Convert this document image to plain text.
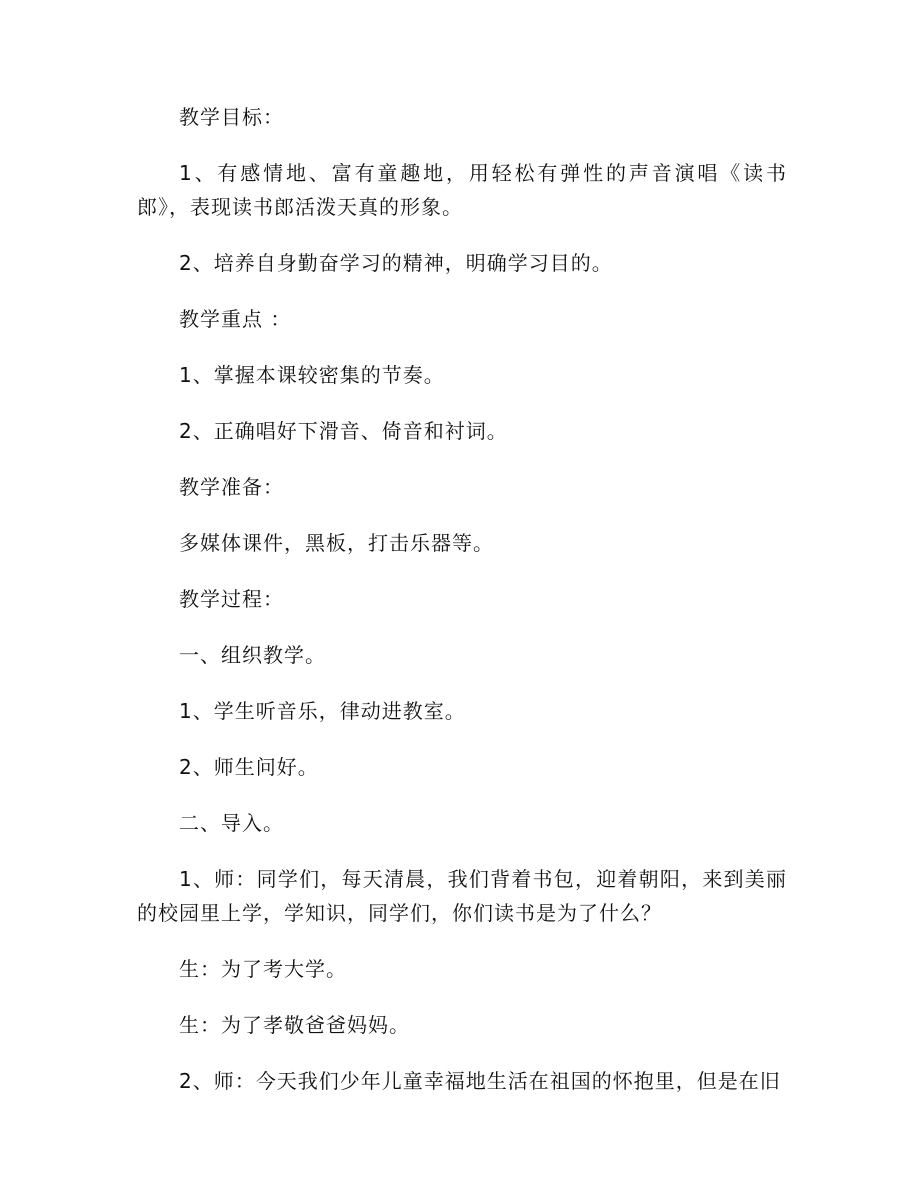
教学目标：

1、有感情地、富有童趣地，用轻松有弹性的声音演唱《读书郎》，表现读书郎活泼天真的形象。

2、培养自身勤奋学习的精神，明确学习目的。

教学重点 ：

1、掌握本课较密集的节奏。

2、正确唱好下滑音、倚音和衬词。

教学准备：

多媒体课件，黑板，打击乐器等。

教学过程：

一、组织教学。

1、学生听音乐，律动进教室。

2、师生问好。

二、导入。

1、师：同学们，每天清晨，我们背着书包，迎着朝阳，来到美丽的校园里上学，学知识，同学们，你们读书是为了什么？

生：为了考大学。

生：为了孝敬爸爸妈妈。

2、师：今天我们少年儿童幸福地生活在祖国的怀抱里，但是在旧
